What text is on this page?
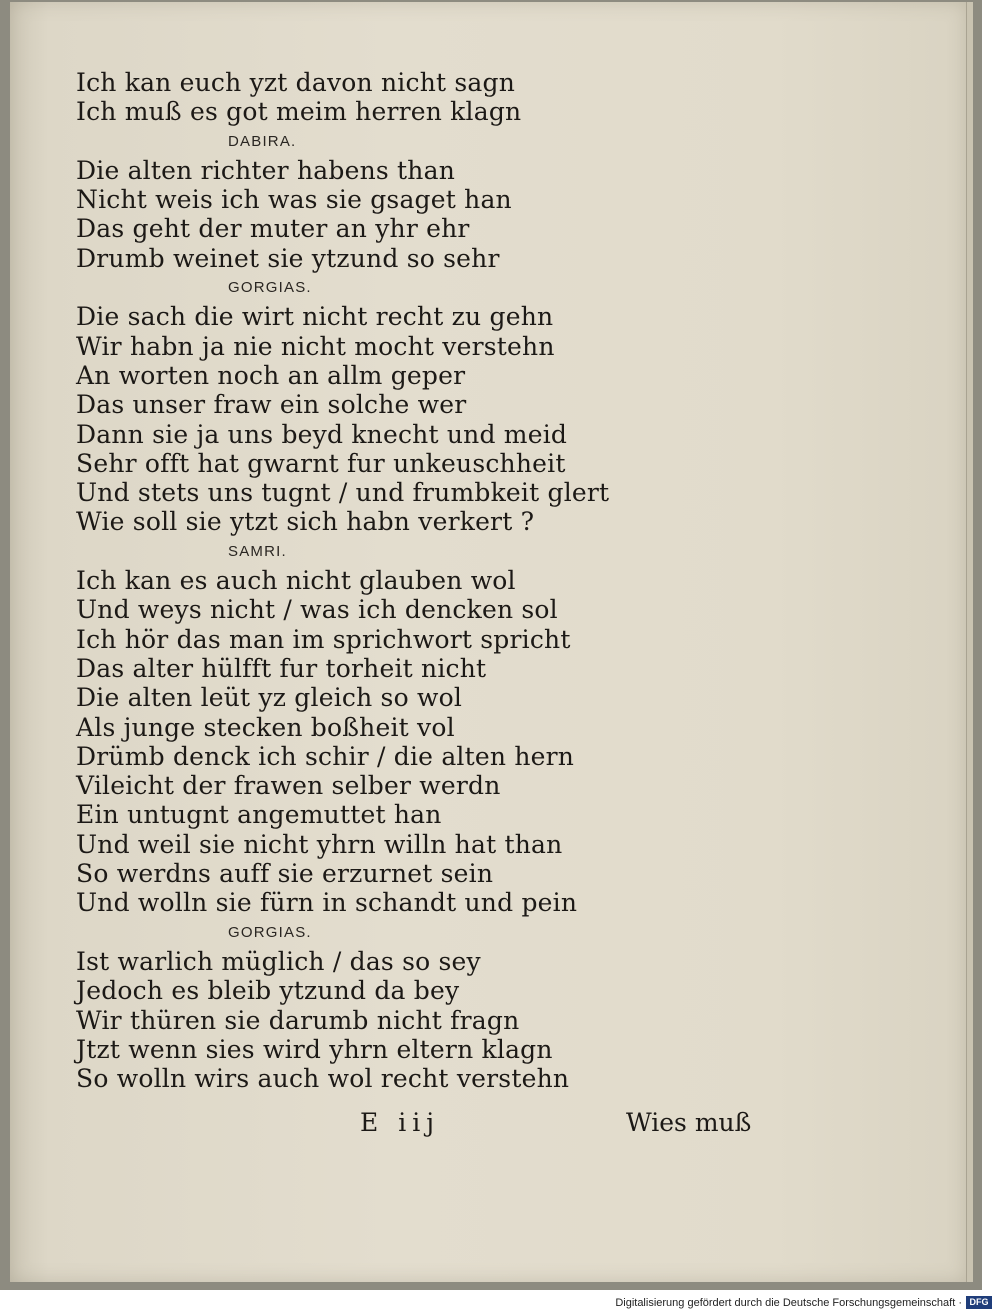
Ich kan euch yzt davon nicht sagn
Ich muß es got meim herren klagn
DABIRA.
Die alten richter habens than
Nicht weis ich was sie gsaget han
Das geht der muter an yhr ehr
Drumb weinet sie ytzund so sehr
GORGIAS.
Die sach die wirt nicht recht zu gehn
Wir habn ja nie nicht mocht verstehn
An worten noch an allm geper
Das unser fraw ein solche wer
Dann sie ja uns beyd knecht und meid
Sehr offt hat gwarnt fur unkeuschheit
Und stets uns tugnt / und frumbkeit glert
Wie soll sie ytzt sich habn verkert ?
SAMRI.
Ich kan es auch nicht glauben wol
Und weys nicht / was ich dencken sol
Ich hör das man im sprichwort spricht
Das alter hülfft fur torheit nicht
Die alten leüt yz gleich so wol
Als junge stecken boßheit vol
Drümb denck ich schir / die alten hern
Vileicht der frawen selber werdn
Ein untugnt angemuttet han
Und weil sie nicht yhrn willn hat than
So werdns auff sie erzurnet sein
Und wolln sie fürn in schandt und pein
GORGIAS.
Ist warlich müglich / das so sey
Jedoch es bleib ytzund da bey
Wir thüren sie darumb nicht fragn
Jtzt wenn sies wird yhrn eltern klagn
So wolln wirs auch wol recht verstehn
E iij	Wies muß
Digitalisierung gefördert durch die Deutsche Forschungsgemeinschaft · DFG
